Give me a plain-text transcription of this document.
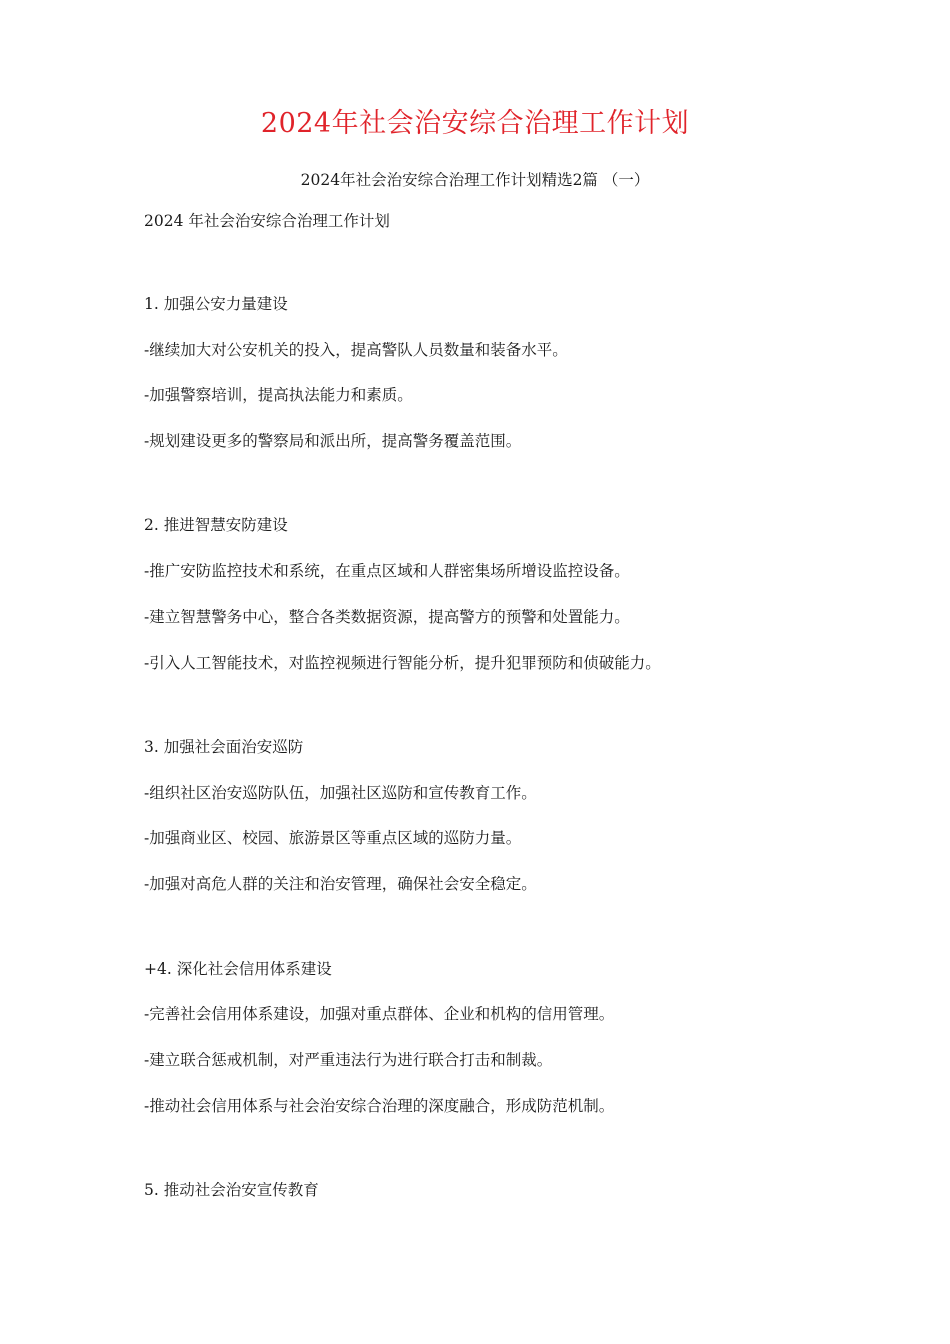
2024年社会治安综合治理工作计划

2024年社会治安综合治理工作计划精选2篇 （一）

2024 年社会治安综合治理工作计划

1. 加强公安力量建设

-继续加大对公安机关的投入，提高警队人员数量和装备水平。

-加强警察培训，提高执法能力和素质。

-规划建设更多的警察局和派出所，提高警务覆盖范围。

2. 推进智慧安防建设

-推广安防监控技术和系统，在重点区域和人群密集场所增设监控设备。

-建立智慧警务中心，整合各类数据资源，提高警方的预警和处置能力。

-引入人工智能技术，对监控视频进行智能分析，提升犯罪预防和侦破能力。

3. 加强社会面治安巡防

-组织社区治安巡防队伍，加强社区巡防和宣传教育工作。

-加强商业区、校园、旅游景区等重点区域的巡防力量。

-加强对高危人群的关注和治安管理，确保社会安全稳定。

+4. 深化社会信用体系建设

-完善社会信用体系建设，加强对重点群体、企业和机构的信用管理。

-建立联合惩戒机制，对严重违法行为进行联合打击和制裁。

-推动社会信用体系与社会治安综合治理的深度融合，形成防范机制。

5. 推动社会治安宣传教育
